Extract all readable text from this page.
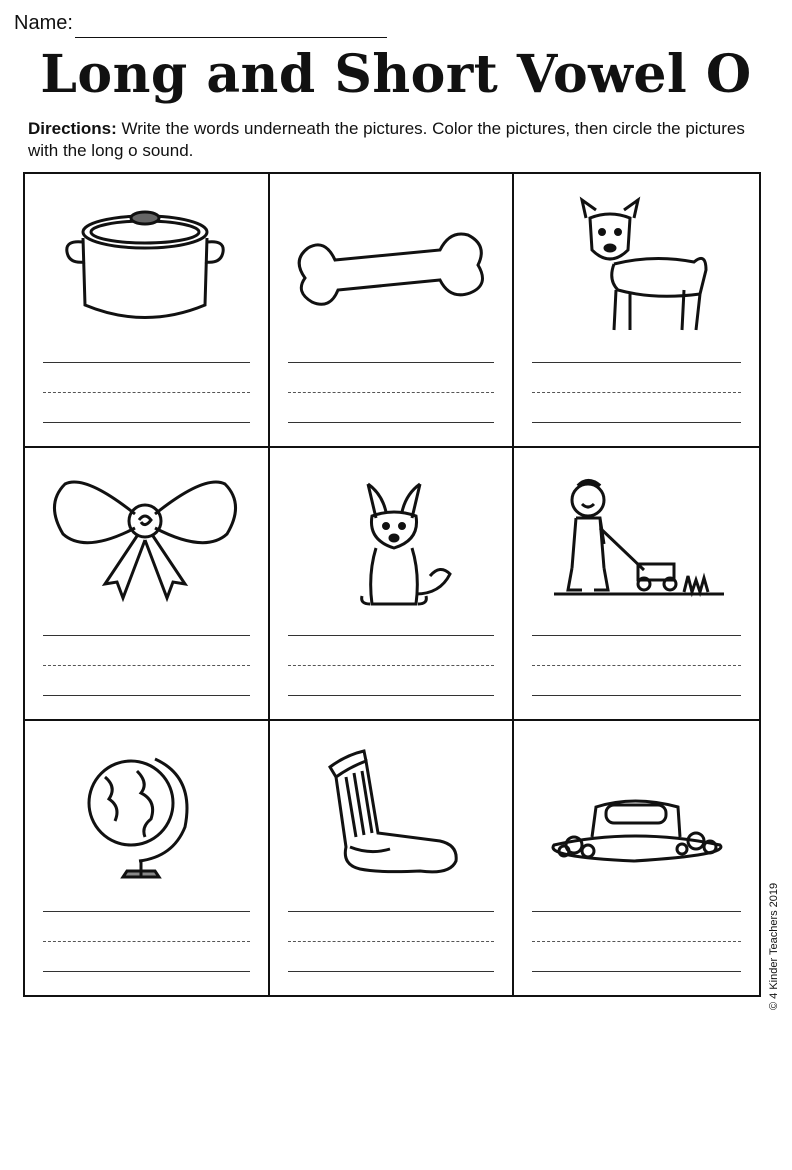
Name:
Long and Short Vowel O
Directions: Write the words underneath the pictures. Color the pictures, then circle the pictures with the long o sound.
© 4 Kinder Teachers 2019
